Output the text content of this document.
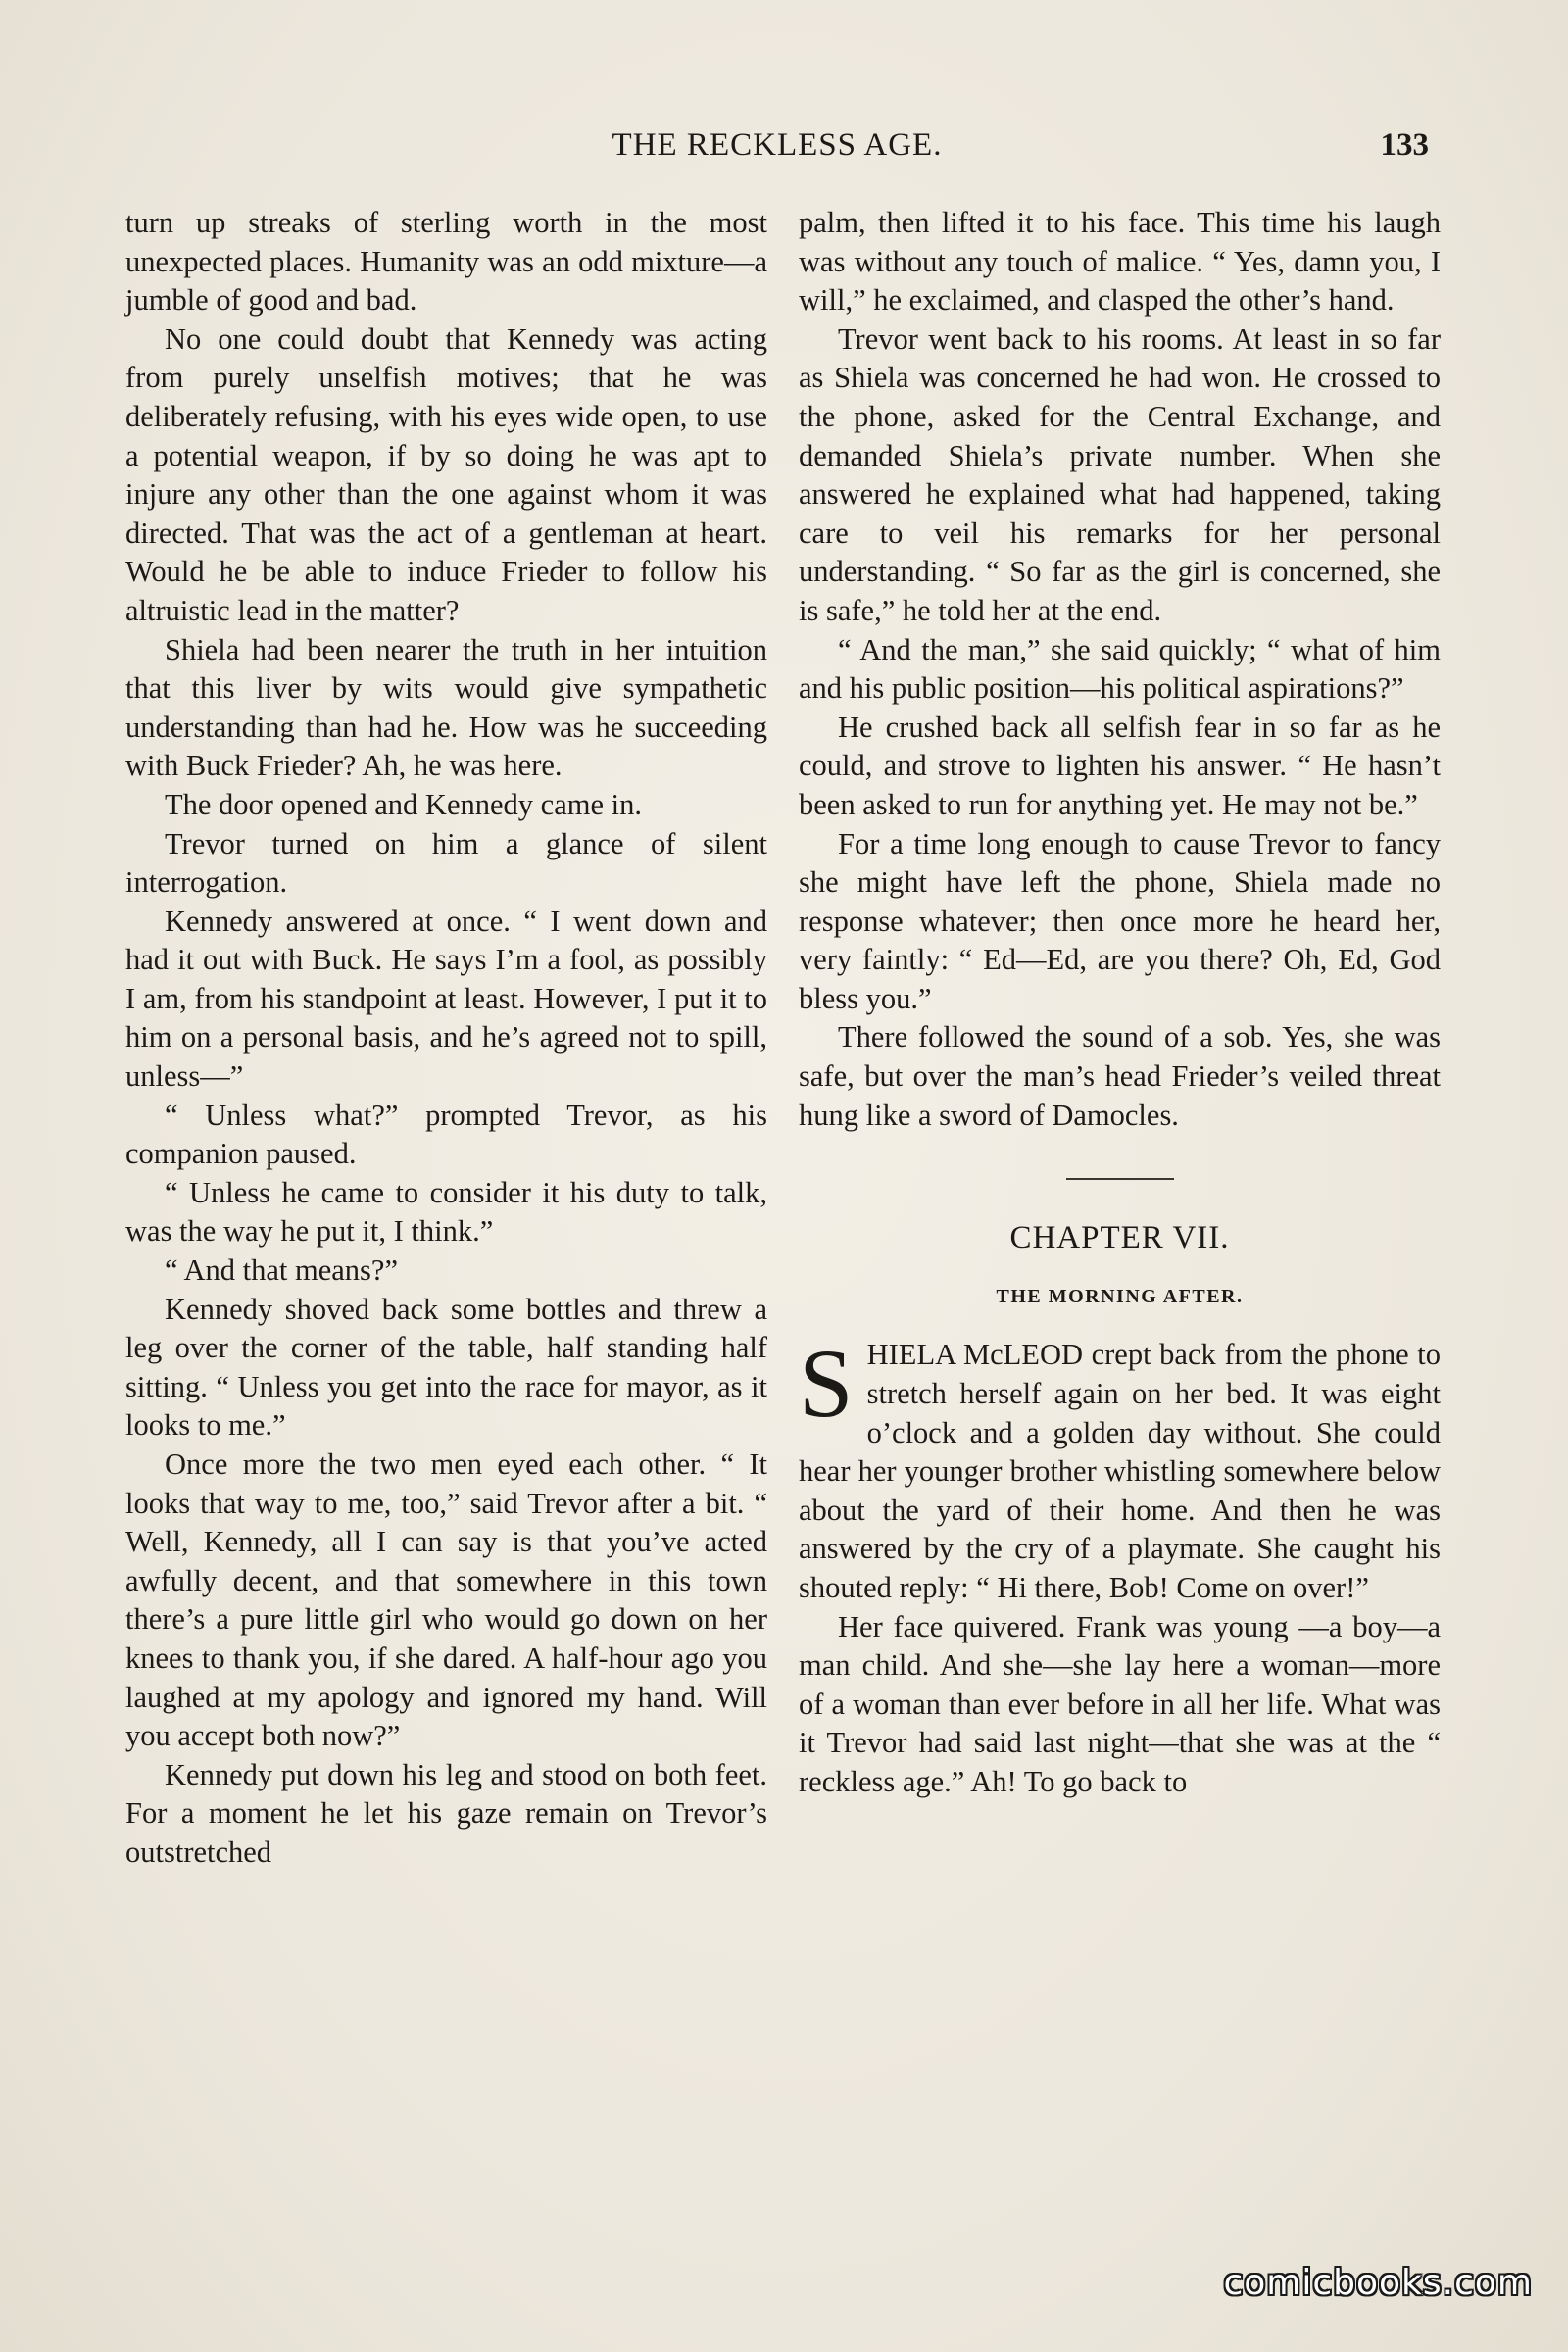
THE RECKLESS AGE.	133

turn up streaks of sterling worth in the most unexpected places. Humanity was an odd mixture—a jumble of good and bad.

No one could doubt that Kennedy was acting from purely unselfish motives; that he was deliberately refusing, with his eyes wide open, to use a potential weapon, if by so doing he was apt to injure any other than the one against whom it was directed. That was the act of a gentleman at heart. Would he be able to induce Frieder to follow his altruistic lead in the matter?

Shiela had been nearer the truth in her intuition that this liver by wits would give sympathetic understanding than had he. How was he succeeding with Buck Frieder? Ah, he was here.

The door opened and Kennedy came in.

Trevor turned on him a glance of silent interrogation.

Kennedy answered at once. “ I went down and had it out with Buck. He says I’m a fool, as possibly I am, from his standpoint at least. However, I put it to him on a personal basis, and he’s agreed not to spill, unless—”

“ Unless what?” prompted Trevor, as his companion paused.

“ Unless he came to consider it his duty to talk, was the way he put it, I think.”

“ And that means?”

Kennedy shoved back some bottles and threw a leg over the corner of the table, half standing half sitting. “ Unless you get into the race for mayor, as it looks to me.”

Once more the two men eyed each other. “ It looks that way to me, too,” said Trevor after a bit. “ Well, Kennedy, all I can say is that you’ve acted awfully decent, and that somewhere in this town there’s a pure little girl who would go down on her knees to thank you, if she dared. A half-hour ago you laughed at my apology and ignored my hand. Will you accept both now?”

Kennedy put down his leg and stood on both feet. For a moment he let his gaze remain on Trevor’s outstretched

palm, then lifted it to his face. This time his laugh was without any touch of malice. “ Yes, damn you, I will,” he exclaimed, and clasped the other’s hand.

Trevor went back to his rooms. At least in so far as Shiela was concerned he had won. He crossed to the phone, asked for the Central Exchange, and demanded Shiela’s private number. When she answered he explained what had happened, taking care to veil his remarks for her personal understanding. “ So far as the girl is concerned, she is safe,” he told her at the end.

“ And the man,” she said quickly; “ what of him and his public position—his political aspirations?”

He crushed back all selfish fear in so far as he could, and strove to lighten his answer. “ He hasn’t been asked to run for anything yet. He may not be.”

For a time long enough to cause Trevor to fancy she might have left the phone, Shiela made no response whatever; then once more he heard her, very faintly: “ Ed—Ed, are you there? Oh, Ed, God bless you.”

There followed the sound of a sob. Yes, she was safe, but over the man’s head Frieder’s veiled threat hung like a sword of Damocles.

CHAPTER VII.
THE MORNING AFTER.

SHIELA McLEOD crept back from the phone to stretch herself again on her bed. It was eight o’clock and a golden day without. She could hear her younger brother whistling somewhere below about the yard of their home. And then he was answered by the cry of a playmate. She caught his shouted reply: “ Hi there, Bob! Come on over!”

Her face quivered. Frank was young —a boy—a man child. And she—she lay here a woman—more of a woman than ever before in all her life. What was it Trevor had said last night—that she was at the “ reckless age.” Ah! To go back to

comicbooks.com
